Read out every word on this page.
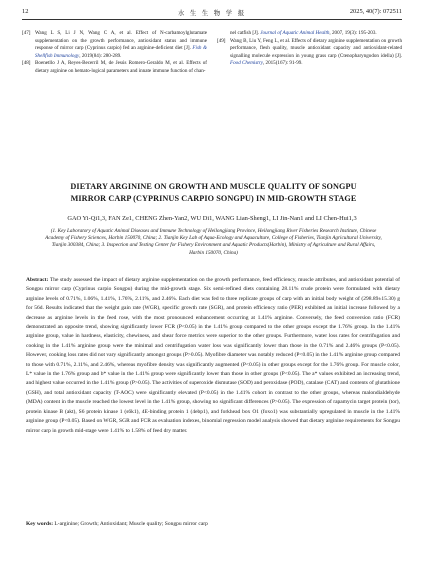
12	水 生 生 物 学 报	2025, 40(7): 072511
[47] Wang L S, Li J N, Wang C A, et al. Effect of N-carbamoylglutamate supplementation on the growth performance, antioxidant status and immune response of mirror carp (Cyprinus carpio) fed an arginine-deficient diet [J]. Fish & Shellfish Immunology, 2019(84): 280-289.
[48] Boenetllo J A, Reyes-Becerril M, de Jesús Romero-Geraldo M, et al. Effects of dietary arginine on hemato-logical parameters and innate immune function of chan-
nel catfish [J]. Journal of Aquatic Animal Health, 2007, 19(3): 195-203.
[49] Wang B, Liu Y, Feng L, et al. Effects of dietary arginine supplementation on growth performance, flesh quality, muscle antioxidant capacity and antioxidant-related signalling molecule expression in young grass carp (Ctenopharyngodon idella) [J]. Food Chemistry, 2015(167): 91-99.
DIETARY ARGININE ON GROWTH AND MUSCLE QUALITY OF SONGPU
MIRROR CARP (CYPRINUS CARPIO SONGPU) IN MID-GROWTH STAGE
GAO Yi-Qi1,3, FAN Ze1, CHENG Zhen-Yan2, WU Di1, WANG Lian-Sheng1, LI Jin-Nan1 and LI Chen-Hui1,3
(1. Key Laboratory of Aquatic Animal Diseases and Immune Technology of Heilongjiang Province, Heilongjiang River Fisheries Research Institute, Chinese Academy of Fishery Sciences, Harbin 150070, China; 2. Tianjin Key Lab of Aqua-Ecology and Aquaculture, College of Fisheries, Tianjin Agricultural University, Tianjin 300384, China; 3. Inspection and Testing Center for Fishery Environment and Aquatic Products(Harbin), Ministry of Agriculture and Rural Affairs, Harbin 150070, China)
Abstract: The study assessed the impact of dietary arginine supplementation on the growth performance, feed efficiency, muscle attributes, and antioxidant potential of Songpu mirror carp (Cyprinus carpio Songpu) during the mid-growth stage. Six semi-refined diets containing 28.11% crude protein were formulated with dietary arginine levels of 0.71%, 1.06%, 1.41%, 1.76%, 2.11%, and 2.46%. Each diet was fed to three replicate groups of carp with an initial body weight of (298.89±15.30) g for 56d. Results indicated that the weight gain rate (WGR), specific growth rate (SGR), and protein efficiency ratio (PER) exhibited an initial increase followed by a decrease as arginine levels in the feed rose, with the most pronounced enhancement occurring at 1.41% arginine. Conversely, the feed conversion ratio (FCR) demonstrated an opposite trend, showing significantly lower FCR (P<0.05) in the 1.41% group compared to the other groups except the 1.76% group. In the 1.41% arginine group, value in hardness, elasticity, chewiness, and shear force metrics were superior to the other groups. Furthermore, water loss rates for centrifugation and cooking in the 1.41% arginine group were the minimal and centrifugation water loss was significantly lower than those in the 0.71% and 2.46% groups (P<0.05). However, cooking loss rates did not vary significantly amongst groups (P>0.05). Myofibre diameter was notably reduced (P<0.05) in the 1.41% arginine group compared to those with 0.71%, 2.11%, and 2.46%, whereas myofibre density was significantly augmented (P<0.05) in other groups except for the 1.76% group. For muscle color, L* value in the 1.76% group and b* value in the 1.41% group were significantly lower than those in other groups (P<0.05). The a* values exhibited an increasing trend, and highest value occurred in the 1.41% group (P>0.05). The activities of superoxide dismutase (SOD) and peroxidase (POD), catalase (CAT) and contents of glutathione (GSH), and total antioxidant capacity (T-AOC) were significantly elevated (P<0.05) in the 1.41% cohort in contrast to the other groups, whereas malondialdehyde (MDA) content in the muscle reached the lowest level in the 1.41% group, showing no significant differences (P>0.05). The expression of rapamycin target protein (tor), protein kinase B (akt), S6 protein kinase 1 (s6k1), 4E-binding protein 1 (4ebp1), and forkhead box O1 (foxo1) was substantially upregulated in muscle in the 1.41% arginine group (P<0.05). Based on WGR, SGR and FCR as evaluation indexes, binomial regression model analysis showed that dietary arginine requirements for Songpu mirror carp in growth mid-stage were 1.41% to 1.58% of feed dry matter.
Key words: L-arginine; Growth; Antioxidant; Muscle quality; Songpu mirror carp
